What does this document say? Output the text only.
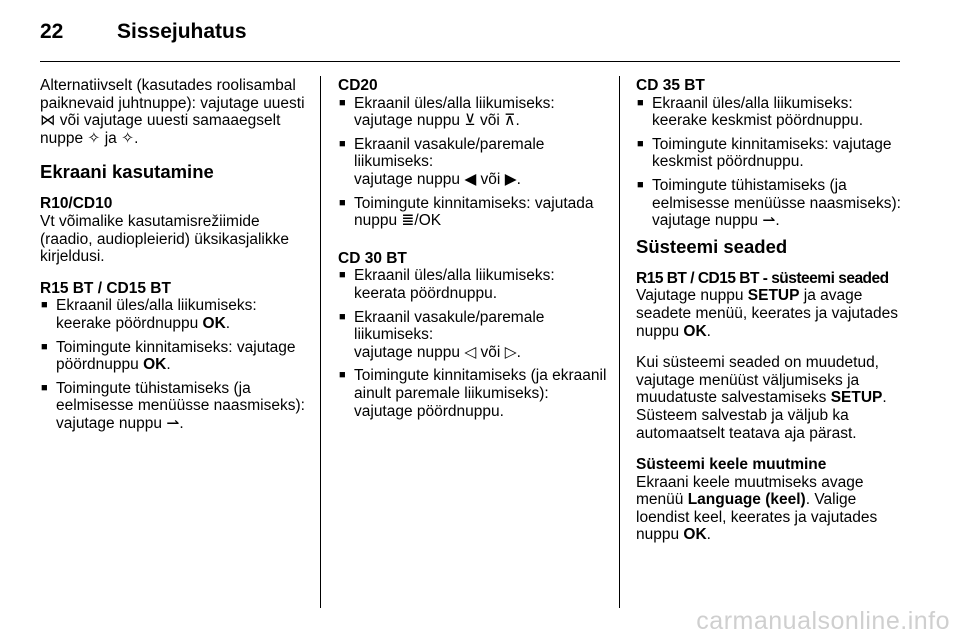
22	Sissejuhatus

Alternatiivselt (kasutades roolisambal paiknevaid juhtnuppe): vajutage uuesti ⋈ või vajutage uuesti samaaegselt nuppe ✧ ja ✧.

Ekraani kasutamine
R10/CD10

Vt võimalike kasutamisrežiimide (raadio, audiopleierid) üksikasjalikke kirjeldusi.

R15 BT / CD15 BT
■ Ekraanil üles/alla liikumiseks: keerake pöördnuppu OK.
■ Toimingute kinnitamiseks: vajutage pöördnuppu OK.
■ Toimingute tühistamiseks (ja eelmisesse menüüsse naasmiseks): vajutage nuppu ⇀.
CD20
■ Ekraanil üles/alla liikumiseks: vajutage nuppu ⊻ või ⊼.
■ Ekraanil vasakule/paremale liikumiseks:
vajutage nuppu ◀ või ▶.
■ Toimingute kinnitamiseks: vajutada nuppu ≣/OK
CD 30 BT
■ Ekraanil üles/alla liikumiseks: keerata pöördnuppu.
■ Ekraanil vasakule/paremale liikumiseks:
vajutage nuppu ◁ või ▷.
■ Toimingute kinnitamiseks (ja ekraanil ainult paremale liikumiseks):
vajutage pöördnuppu.
CD 35 BT
■ Ekraanil üles/alla liikumiseks: keerake keskmist pöördnuppu.
■ Toimingute kinnitamiseks: vajutage keskmist pöördnuppu.
■ Toimingute tühistamiseks (ja eelmisesse menüüsse naasmiseks): vajutage nuppu ⇀.
Süsteemi seaded
R15 BT / CD15 BT - süsteemi seaded

Vajutage nuppu SETUP ja avage seadete menüü, keerates ja vajutades nuppu OK.

Kui süsteemi seaded on muudetud, vajutage menüüst väljumiseks ja muudatuste salvestamiseks SETUP. Süsteem salvestab ja väljub ka automaatselt teatava aja pärast.

Süsteemi keele muutmine

Ekraani keele muutmiseks avage menüü Language (keel). Valige loendist keel, keerates ja vajutades nuppu OK.

carmanualsonline.info
